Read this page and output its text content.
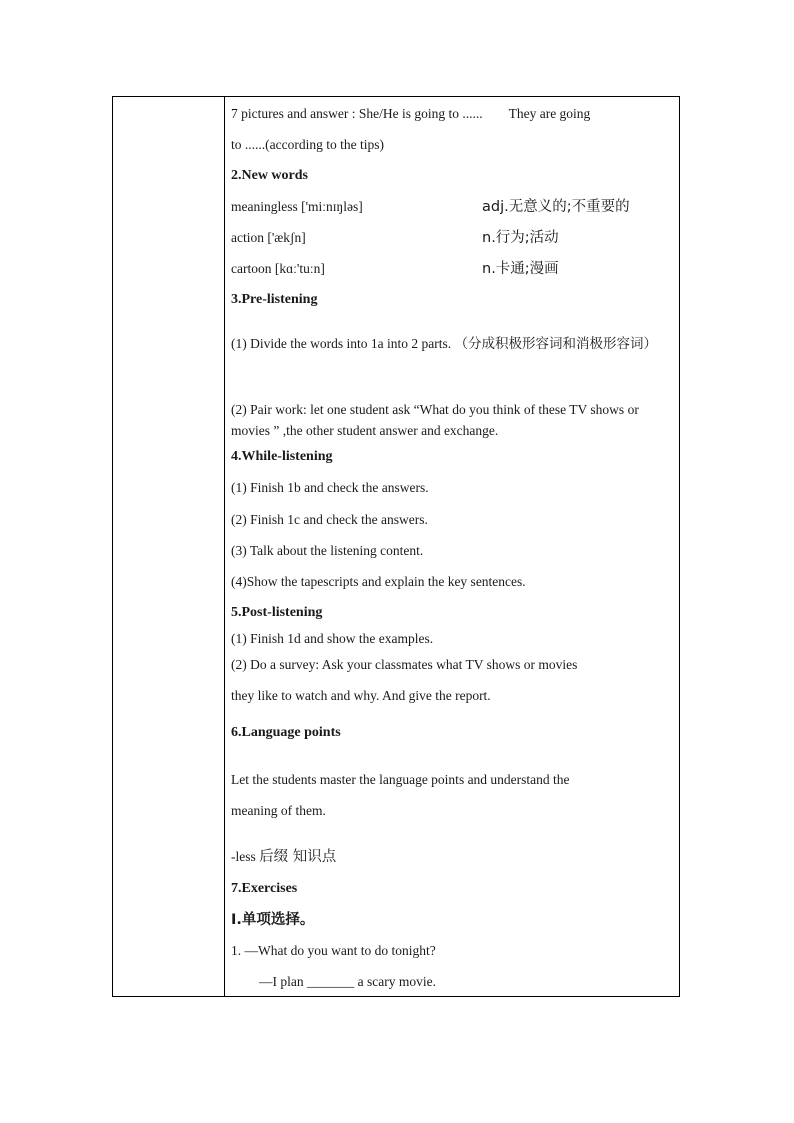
7 pictures and answer : She/He is going to ...... They are going
to ......(according to the tips)
2.New words
meaningless ['miːnɪŋləs]	adj.无意义的;不重要的
action ['ækʃn]	n.行为;活动
cartoon [kɑː'tuːn]	n.卡通;漫画
3.Pre-listening
(1) Divide the words into 1a into 2 parts. （分成积极形容词和消极形容词）
(2) Pair work: let one student ask “What do you think of these TV shows or movies ” ,the other student answer and exchange.
4.While-listening
(1) Finish 1b and check the answers.
(2) Finish 1c and check the answers.
(3) Talk about the listening content.
(4)Show the tapescripts and explain the key sentences.
5.Post-listening
(1) Finish 1d and show the examples.
(2) Do a survey: Ask your classmates what TV shows or movies
they like to watch and why. And give the report.
6.Language points
Let the students master the language points and understand the
meaning of them.
-less 后缀 知识点
7.Exercises
Ⅰ.单项选择。
1. —What do you want to do tonight?
—I plan _______ a scary movie.
